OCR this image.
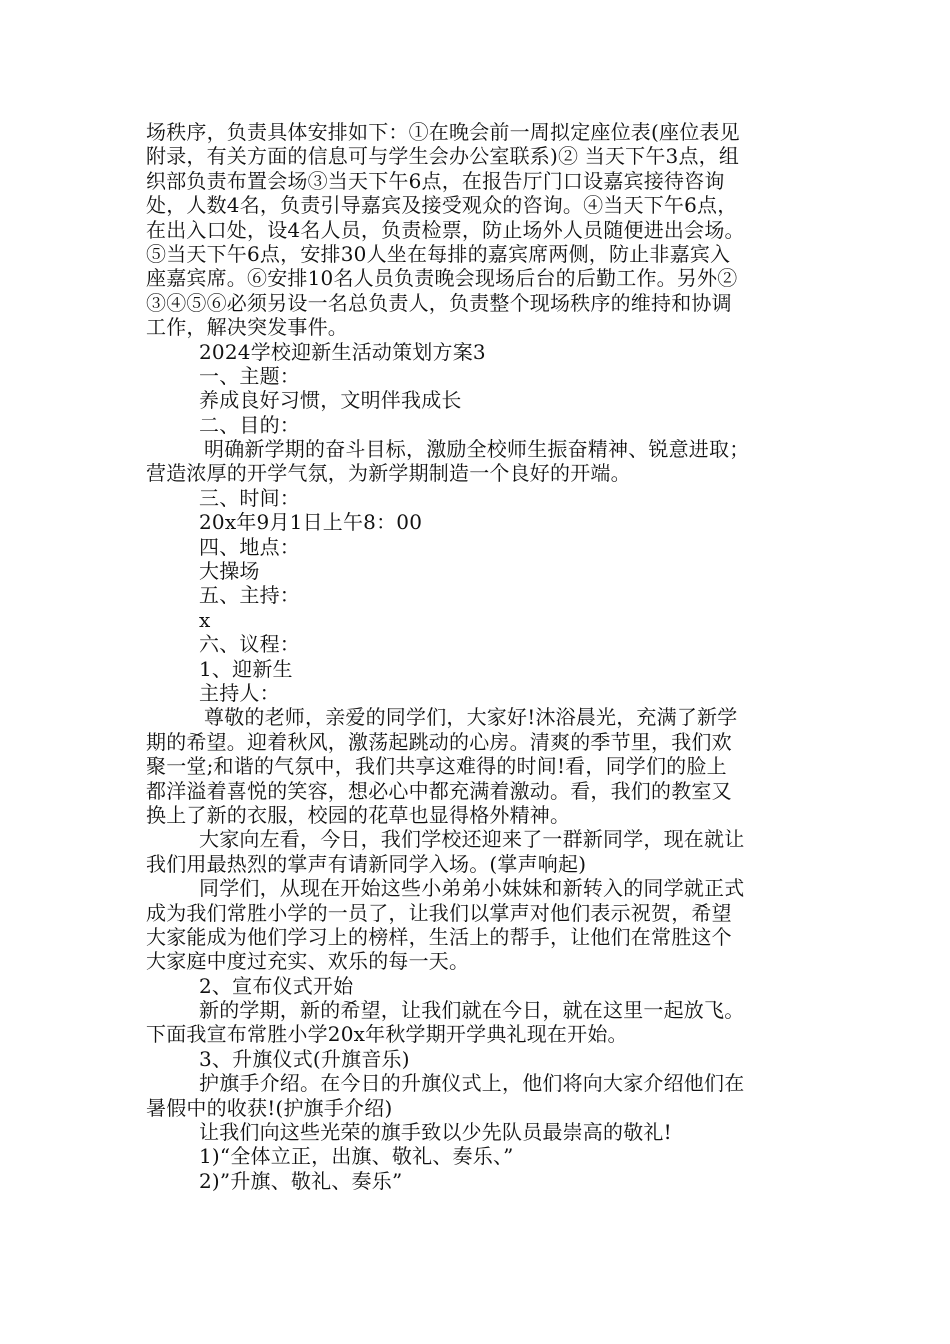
场秩序，负责具体安排如下：①在晚会前一周拟定座位表(座位表见
附录，有关方面的信息可与学生会办公室联系)② 当天下午3点，组
织部负责布置会场③当天下午6点，在报告厅门口设嘉宾接待咨询
处，人数4名，负责引导嘉宾及接受观众的咨询。④当天下午6点，
在出入口处，设4名人员，负责检票，防止场外人员随便进出会场。
⑤当天下午6点，安排30人坐在每排的嘉宾席两侧，防止非嘉宾入
座嘉宾席。⑥安排10名人员负责晚会现场后台的后勤工作。另外②
③④⑤⑥必须另设一名总负责人，负责整个现场秩序的维持和协调
工作，解决突发事件。
2024学校迎新生活动策划方案3
一、主题：
养成良好习惯，文明伴我成长
二、目的：
明确新学期的奋斗目标，激励全校师生振奋精神、锐意进取；
营造浓厚的开学气氛，为新学期制造一个良好的开端。
三、时间：
20x年9月1日上午8：00
四、地点：
大操场
五、主持：
x
六、议程：
1、迎新生
主持人：
尊敬的老师，亲爱的同学们，大家好!沐浴晨光，充满了新学
期的希望。迎着秋风，激荡起跳动的心房。清爽的季节里，我们欢
聚一堂;和谐的气氛中，我们共享这难得的时间!看，同学们的脸上
都洋溢着喜悦的笑容，想必心中都充满着激动。看，我们的教室又
换上了新的衣服，校园的花草也显得格外精神。
大家向左看，今日，我们学校还迎来了一群新同学，现在就让
我们用最热烈的掌声有请新同学入场。(掌声响起)
同学们，从现在开始这些小弟弟小妹妹和新转入的同学就正式
成为我们常胜小学的一员了，让我们以掌声对他们表示祝贺，希望
大家能成为他们学习上的榜样，生活上的帮手，让他们在常胜这个
大家庭中度过充实、欢乐的每一天。
2、宣布仪式开始
新的学期，新的希望，让我们就在今日，就在这里一起放飞。
下面我宣布常胜小学20x年秋学期开学典礼现在开始。
3、升旗仪式(升旗音乐)
护旗手介绍。在今日的升旗仪式上，他们将向大家介绍他们在
暑假中的收获!(护旗手介绍)
让我们向这些光荣的旗手致以少先队员最崇高的敬礼!
1)“全体立正，出旗、敬礼、奏乐、”
2)”升旗、敬礼、奏乐”
